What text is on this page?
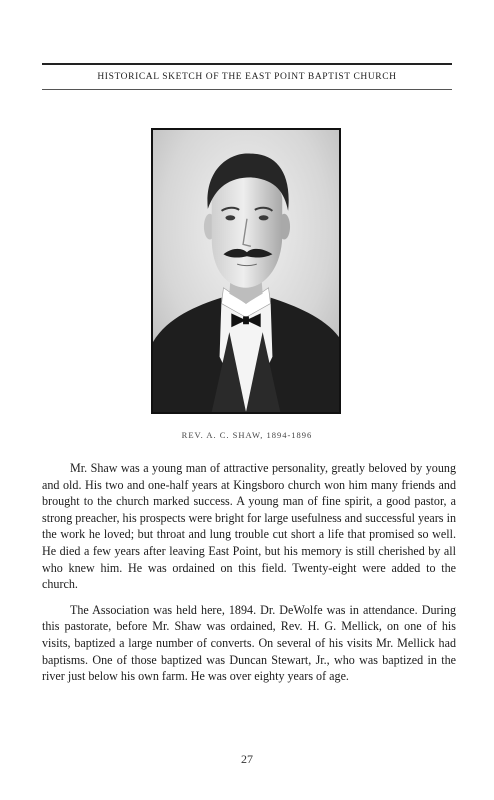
HISTORICAL SKETCH OF THE EAST POINT BAPTIST CHURCH
REV. A. C. SHAW, 1894-1896

Mr. Shaw was a young man of attractive personality, greatly beloved by young and old. His two and one-half years at Kingsboro church won him many friends and brought to the church marked success. A young man of fine spirit, a good pastor, a strong preacher, his prospects were bright for large usefulness and successful years in the work he loved; but throat and lung trouble cut short a life that promised so well. He died a few years after leaving East Point, but his memory is still cherished by all who knew him. He was ordained on this field. Twenty-eight were added to the church.

The Association was held here, 1894. Dr. DeWolfe was in attendance. During this pastorate, before Mr. Shaw was ordained, Rev. H. G. Mellick, on one of his visits, baptized a large number of converts. On several of his visits Mr. Mellick had baptisms. One of those baptized was Duncan Stewart, Jr., who was baptized in the river just below his own farm. He was over eighty years of age.

27
